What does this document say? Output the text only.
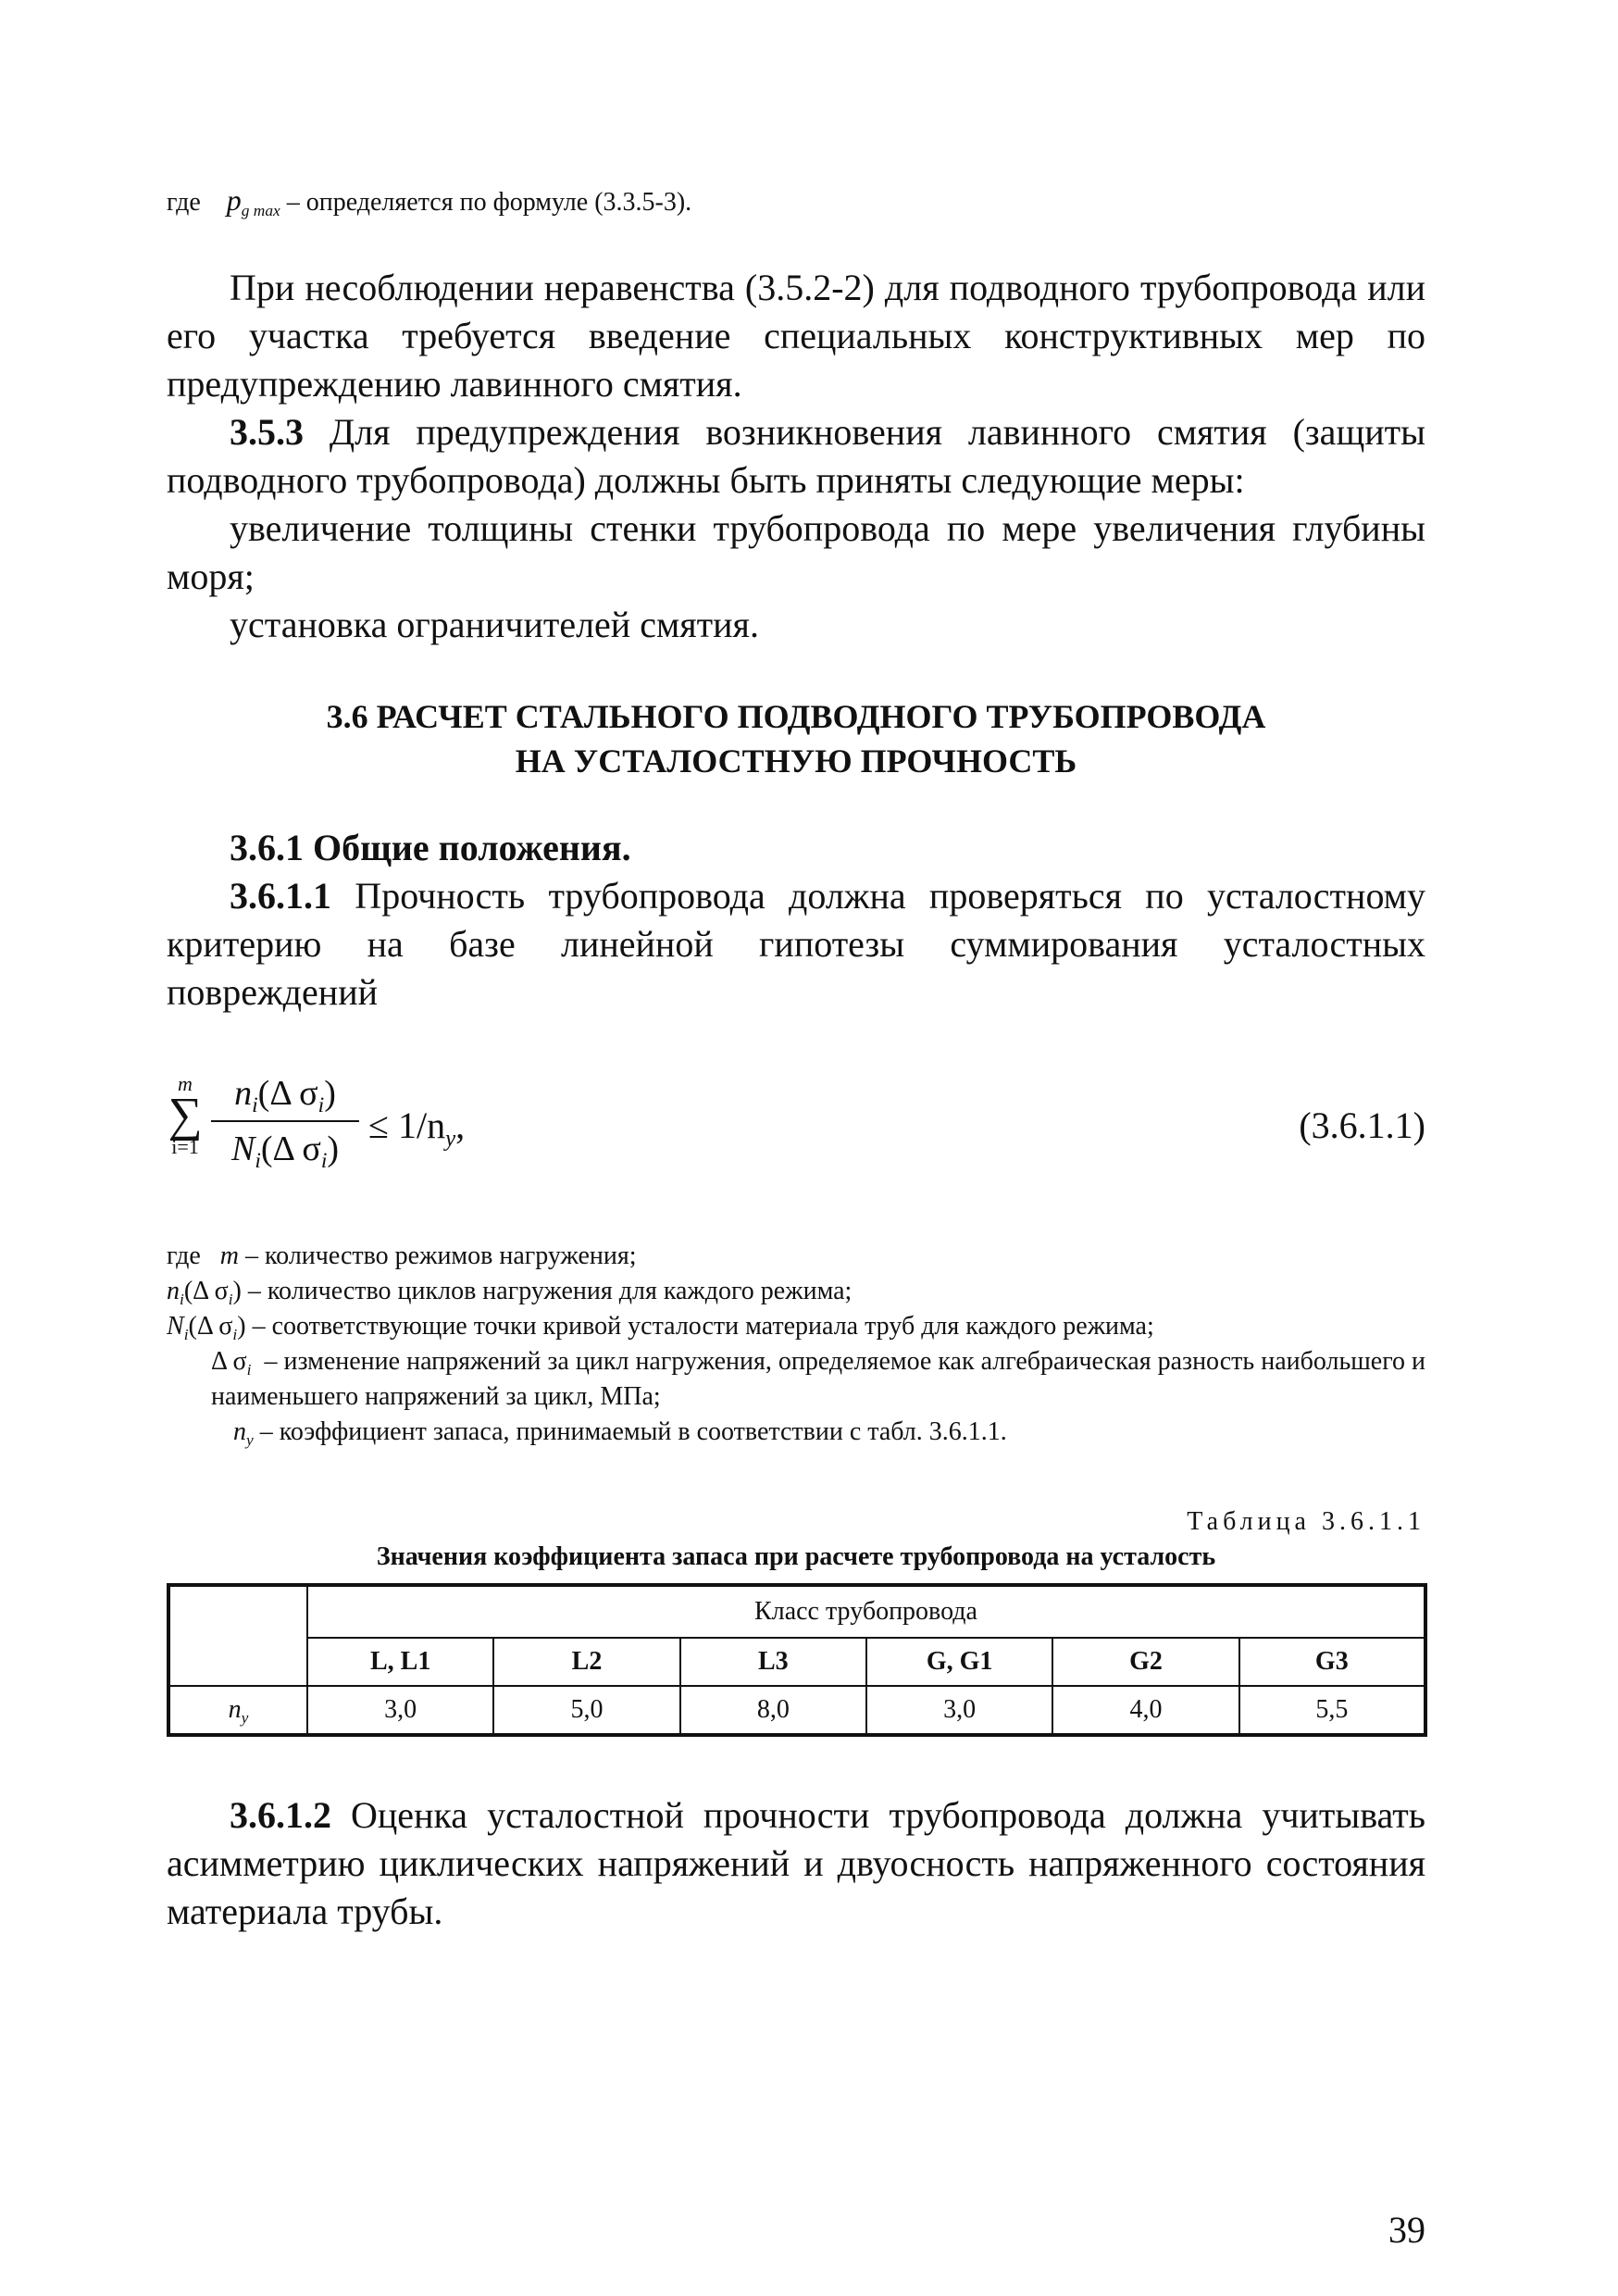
где $p_{g max}$ – определяется по формуле (3.3.5-3).
При несоблюдении неравенства (3.5.2-2) для подводного трубопровода или его участка требуется введение специальных конструктивных мер по предупреждению лавинного смятия.
3.5.3 Для предупреждения возникновения лавинного смятия (защиты подводного трубопровода) должны быть приняты следующие меры:
увеличение толщины стенки трубопровода по мере увеличения глубины моря;
установка ограничителей смятия.
3.6 РАСЧЕТ СТАЛЬНОГО ПОДВОДНОГО ТРУБОПРОВОДА
НА УСТАЛОСТНУЮ ПРОЧНОСТЬ
3.6.1 Общие положения.
3.6.1.1 Прочность трубопровода должна проверяться по усталостному критерию на базе линейной гипотезы суммирования усталостных повреждений
m
∑
i=1
$n_i(\Delta$ $\sigma_i$)
$N_i(\Delta$ $\sigma_i$)
≤ $1/n_y$,	(3.6.1.1)
где m – количество режимов нагружения;
$n_i(\Delta$ $\sigma_i$) – количество циклов нагружения для каждого режима;
$N_i(\Delta$ $\sigma_i$) – соответствующие точки кривой усталости материала труб для каждого режима;
Δ $\sigma_i$ – изменение напряжений за цикл нагружения, определяемое как алгебраическая разность наибольшего и наименьшего напряжений за цикл, МПа;
$n_y$ – коэффициент запаса, принимаемый в соответствии с табл. 3.6.1.1.
Таблица 3.6.1.1
Значения коэффициента запаса при расчете трубопровода на усталость
	Класс трубопровода					
	L, L1	L2	L3	G, G1	G2	G3
$n_y$	3,0	5,0	8,0	3,0	4,0	5,5
3.6.1.2 Оценка усталостной прочности трубопровода должна учитывать асимметрию циклических напряжений и двуосность напряженного состояния материала трубы.
39
